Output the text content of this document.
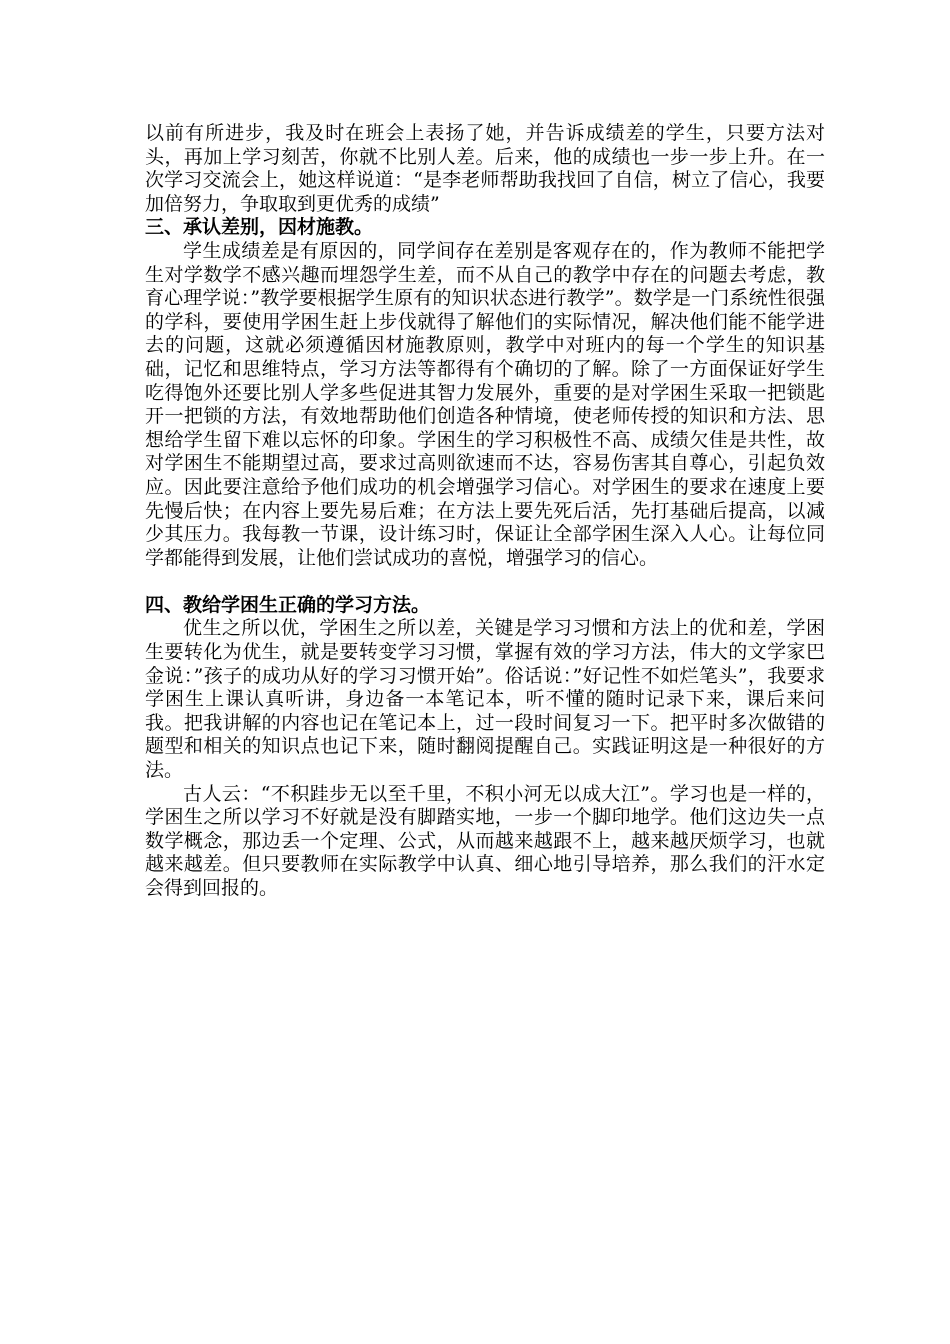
以前有所进步，我及时在班会上表扬了她，并告诉成绩差的学生，只要方法对头，再加上学习刻苦，你就不比别人差。后来，他的成绩也一步一步上升。在一次学习交流会上，她这样说道：“是李老师帮助我找回了自信，树立了信心，我要加倍努力，争取取到更优秀的成绩”

三、承认差别，因材施教。

学生成绩差是有原因的，同学间存在差别是客观存在的，作为教师不能把学生对学数学不感兴趣而埋怨学生差，而不从自己的教学中存在的问题去考虑，教育心理学说：”教学要根据学生原有的知识状态进行教学”。数学是一门系统性很强的学科，要使用学困生赶上步伐就得了解他们的实际情况，解决他们能不能学进去的问题，这就必须遵循因材施教原则，教学中对班内的每一个学生的知识基础，记忆和思维特点，学习方法等都得有个确切的了解。除了一方面保证好学生吃得饱外还要比别人学多些促进其智力发展外，重要的是对学困生采取一把锁匙开一把锁的方法，有效地帮助他们创造各种情境，使老师传授的知识和方法、思想给学生留下难以忘怀的印象。学困生的学习积极性不高、成绩欠佳是共性，故对学困生不能期望过高，要求过高则欲速而不达，容易伤害其自尊心，引起负效应。因此要注意给予他们成功的机会增强学习信心。对学困生的要求在速度上要先慢后快；在内容上要先易后难；在方法上要先死后活，先打基础后提高，以减少其压力。我每教一节课，设计练习时，保证让全部学困生深入人心。让每位同学都能得到发展，让他们尝试成功的喜悦，增强学习的信心。

四、教给学困生正确的学习方法。

优生之所以优，学困生之所以差，关键是学习习惯和方法上的优和差，学困生要转化为优生，就是要转变学习习惯，掌握有效的学习方法，伟大的文学家巴金说：”孩子的成功从好的学习习惯开始”。俗话说：”好记性不如烂笔头”，我要求学困生上课认真听讲，身边备一本笔记本，听不懂的随时记录下来，课后来问我。把我讲解的内容也记在笔记本上，过一段时间复习一下。把平时多次做错的题型和相关的知识点也记下来，随时翻阅提醒自己。实践证明这是一种很好的方法。

古人云：“不积跬步无以至千里，不积小河无以成大江”。学习也是一样的，学困生之所以学习不好就是没有脚踏实地，一步一个脚印地学。他们这边失一点数学概念，那边丢一个定理、公式，从而越来越跟不上，越来越厌烦学习，也就越来越差。但只要教师在实际教学中认真、细心地引导培养，那么我们的汗水定会得到回报的。
